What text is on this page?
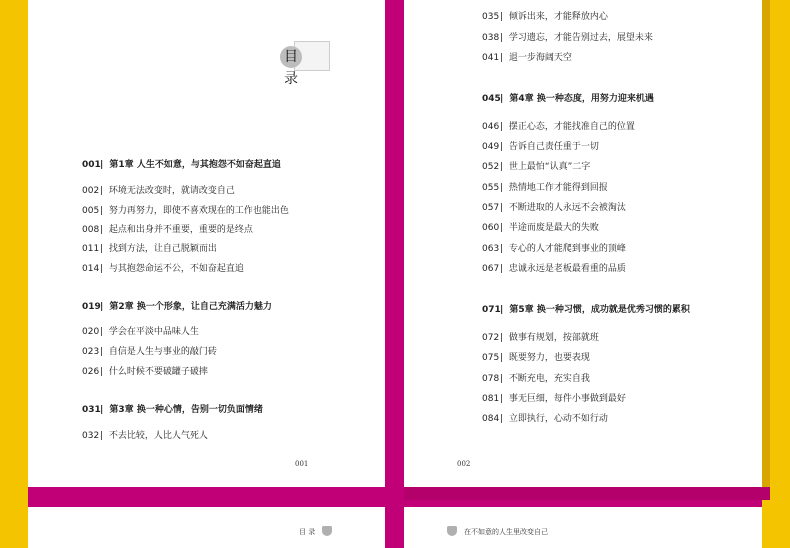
目 录
001| 第1章 人生不如意，与其抱怨不如奋起直追
002| 环境无法改变时，就请改变自己
005| 努力再努力，即使不喜欢现在的工作也能出色
008| 起点和出身并不重要，重要的是终点
011| 找到方法，让自己脱颖而出
014| 与其抱怨命运不公，不如奋起直追
019| 第2章 换一个形象，让自己充满活力魅力
020| 学会在平淡中品味人生
023| 自信是人生与事业的敲门砖
026| 什么时候不要破罐子破摔
031| 第3章 换一种心情，告别一切负面情绪
032| 不去比较，人比人气死人
001
035| 倾诉出来，才能释放内心
038| 学习遗忘，才能告别过去，展望未来
041| 退一步海阔天空
045| 第4章 换一种态度，用努力迎来机遇
046| 摆正心态，才能找准自己的位置
049| 告诉自己责任重于一切
052| 世上最怕“认真”二字
055| 热情地工作才能得到回报
057| 不断进取的人永远不会被淘汰
060| 半途而废是最大的失败
063| 专心的人才能爬到事业的顶峰
067| 忠诚永远是老板最看重的品质
071| 第5章 换一种习惯，成功就是优秀习惯的累积
072| 做事有规划，按部就班
075| 既要努力，也要表现
078| 不断充电，充实自我
081| 事无巨细，每件小事做到最好
084| 立即执行，心动不如行动
002
目 录	在不如意的人生里改变自己
